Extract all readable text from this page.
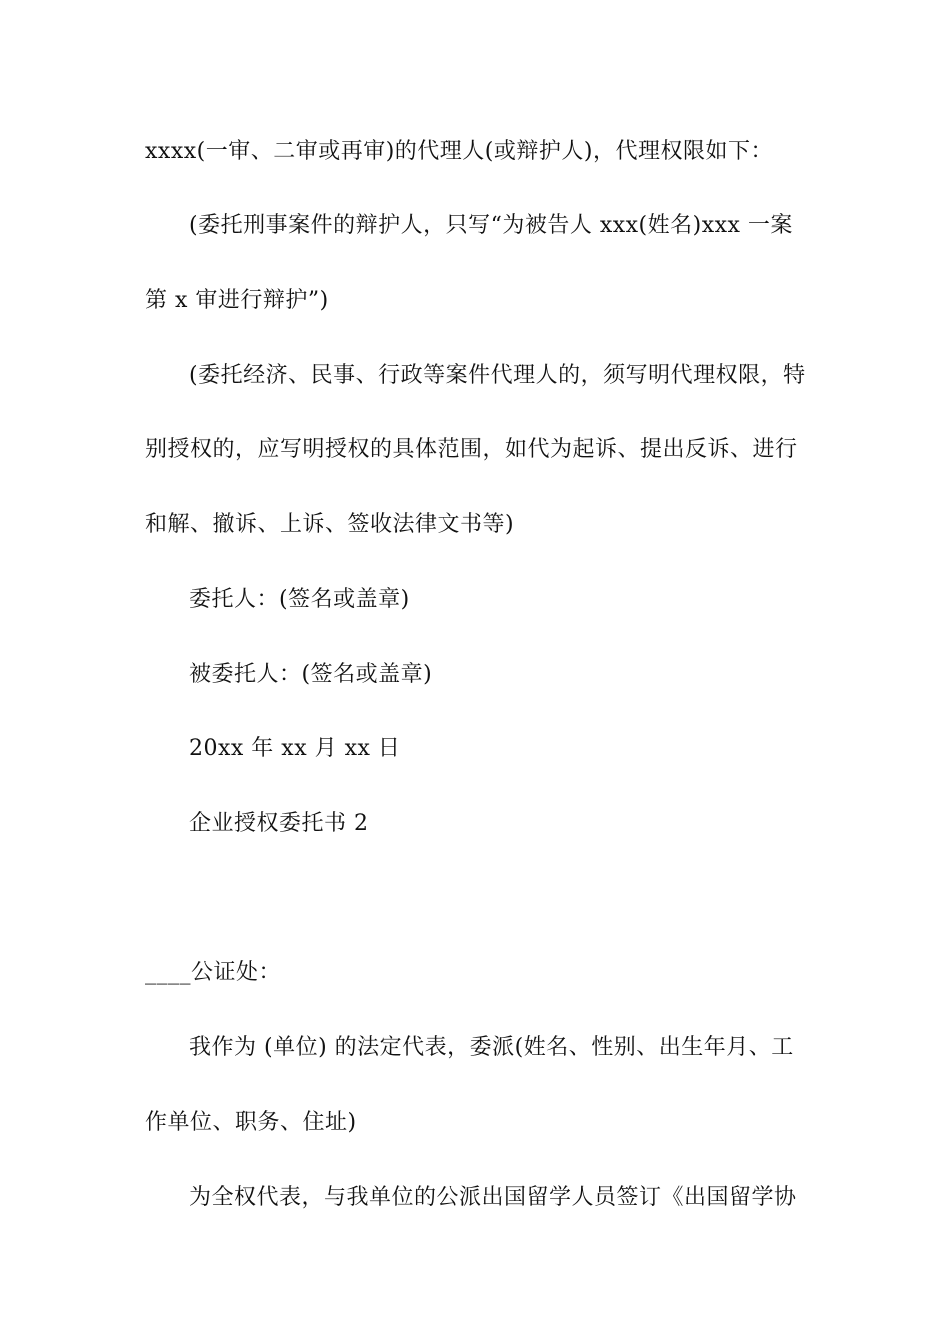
xxxx(一审、二审或再审)的代理人(或辩护人)，代理权限如下：
(委托刑事案件的辩护人，只写“为被告人 xxx(姓名)xxx 一案
第 x 审进行辩护”)
(委托经济、民事、行政等案件代理人的，须写明代理权限，特
别授权的，应写明授权的具体范围，如代为起诉、提出反诉、进行
和解、撤诉、上诉、签收法律文书等)
委托人：(签名或盖章)
被委托人：(签名或盖章)
20xx 年 xx 月 xx 日
企业授权委托书 2
____公证处：
我作为 (单位) 的法定代表，委派(姓名、性别、出生年月、工
作单位、职务、住址)
为全权代表，与我单位的公派出国留学人员签订《出国留学协
